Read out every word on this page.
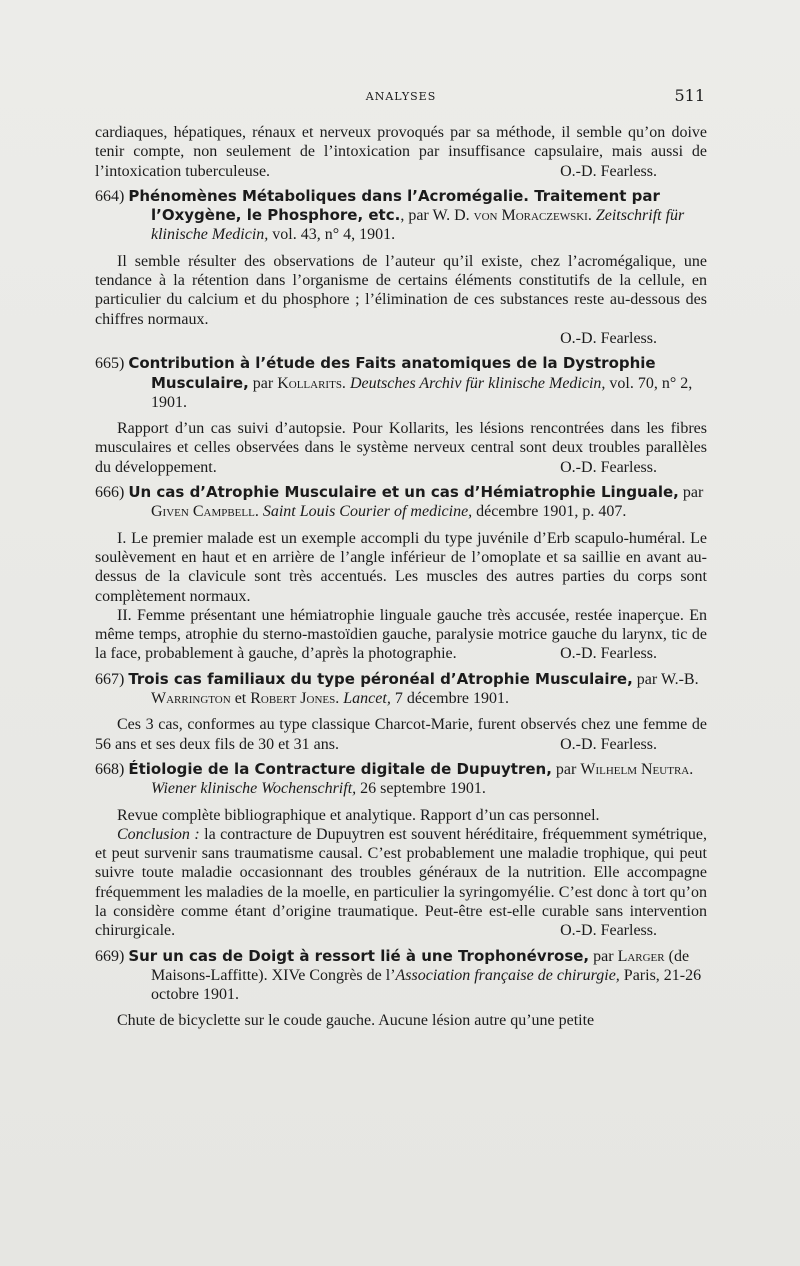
ANALYSES	511

cardiaques, hépatiques, rénaux et nerveux provoqués par sa méthode, il semble qu’on doive tenir compte, non seulement de l’intoxication par insuffisance capsulaire, mais aussi de l’intoxication tuberculeuse.	O.-D. Fearless.

664) Phénomènes Métaboliques dans l’Acromégalie. Traitement par l’Oxygène, le Phosphore, etc., par W. D. von Moraczewski. Zeitschrift für klinische Medicin, vol. 43, n° 4, 1901.

Il semble résulter des observations de l’auteur qu’il existe, chez l’acromégalique, une tendance à la rétention dans l’organisme de certains éléments constitutifs de la cellule, en particulier du calcium et du phosphore ; l’élimination de ces substances reste au-dessous des chiffres normaux.

O.-D. Fearless.

665) Contribution à l’étude des Faits anatomiques de la Dystrophie Musculaire, par Kollarits. Deutsches Archiv für klinische Medicin, vol. 70, n° 2, 1901.

Rapport d’un cas suivi d’autopsie. Pour Kollarits, les lésions rencontrées dans les fibres musculaires et celles observées dans le système nerveux central sont deux troubles parallèles du développement.	O.-D. Fearless.

666) Un cas d’Atrophie Musculaire et un cas d’Hémiatrophie Linguale, par Given Campbell. Saint Louis Courier of medicine, décembre 1901, p. 407.

I. Le premier malade est un exemple accompli du type juvénile d’Erb scapulo-huméral. Le soulèvement en haut et en arrière de l’angle inférieur de l’omoplate et sa saillie en avant au-dessus de la clavicule sont très accentués. Les muscles des autres parties du corps sont complètement normaux.

II. Femme présentant une hémiatrophie linguale gauche très accusée, restée inaperçue. En même temps, atrophie du sterno-mastoïdien gauche, paralysie motrice gauche du larynx, tic de la face, probablement à gauche, d’après la photographie.	O.-D. Fearless.

667) Trois cas familiaux du type péronéal d’Atrophie Musculaire, par W.-B. Warrington et Robert Jones. Lancet, 7 décembre 1901.

Ces 3 cas, conformes au type classique Charcot-Marie, furent observés chez une femme de 56 ans et ses deux fils de 30 et 31 ans.	O.-D. Fearless.

668) Étiologie de la Contracture digitale de Dupuytren, par Wilhelm Neutra. Wiener klinische Wochenschrift, 26 septembre 1901.

Revue complète bibliographique et analytique. Rapport d’un cas personnel.

Conclusion : la contracture de Dupuytren est souvent héréditaire, fréquemment symétrique, et peut survenir sans traumatisme causal. C’est probablement une maladie trophique, qui peut suivre toute maladie occasionnant des troubles généraux de la nutrition. Elle accompagne fréquemment les maladies de la moelle, en particulier la syringomyélie. C’est donc à tort qu’on la considère comme étant d’origine traumatique. Peut-être est-elle curable sans intervention chirurgicale.	O.-D. Fearless.

669) Sur un cas de Doigt à ressort lié à une Trophonévrose, par Larger (de Maisons-Laffitte). XIVe Congrès de l’Association française de chirurgie, Paris, 21-26 octobre 1901.

Chute de bicyclette sur le coude gauche. Aucune lésion autre qu’une petite
